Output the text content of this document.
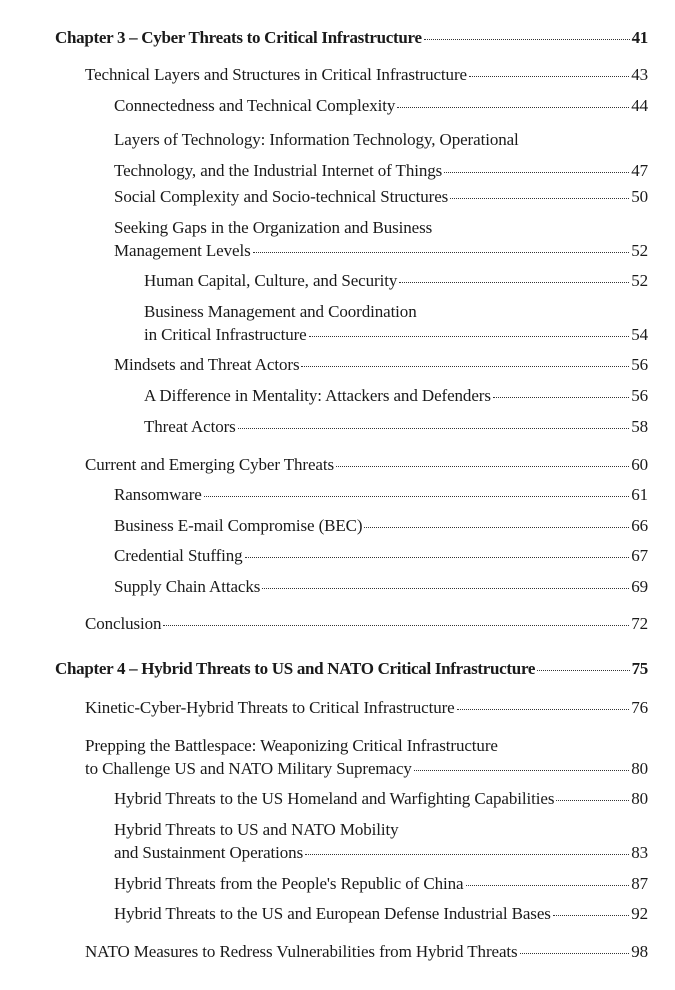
Chapter 3 – Cyber Threats to Critical Infrastructure	41
Technical Layers and Structures in Critical Infrastructure	43
Connectedness and Technical Complexity	44
Layers of Technology: Information Technology, Operational
Technology, and the Industrial Internet of Things	47
Social Complexity and Socio-technical Structures	50
Seeking Gaps in the Organization and Business
Management Levels	52
Human Capital, Culture, and Security	52
Business Management and Coordination
in Critical Infrastructure	54
Mindsets and Threat Actors	56
A Difference in Mentality: Attackers and Defenders	56
Threat Actors	58
Current and Emerging Cyber Threats	60
Ransomware	61
Business E-mail Compromise (BEC)	66
Credential Stuffing	67
Supply Chain Attacks	69
Conclusion	72
Chapter 4 – Hybrid Threats to US and NATO Critical Infrastructure	75
Kinetic-Cyber-Hybrid Threats to Critical Infrastructure	76
Prepping the Battlespace: Weaponizing Critical Infrastructure
to Challenge US and NATO Military Supremacy	80
Hybrid Threats to the US Homeland and Warfighting Capabilities	80
Hybrid Threats to US and NATO Mobility
and Sustainment Operations	83
Hybrid Threats from the People's Republic of China	87
Hybrid Threats to the US and European Defense Industrial Bases	92
NATO Measures to Redress Vulnerabilities from Hybrid Threats	98
